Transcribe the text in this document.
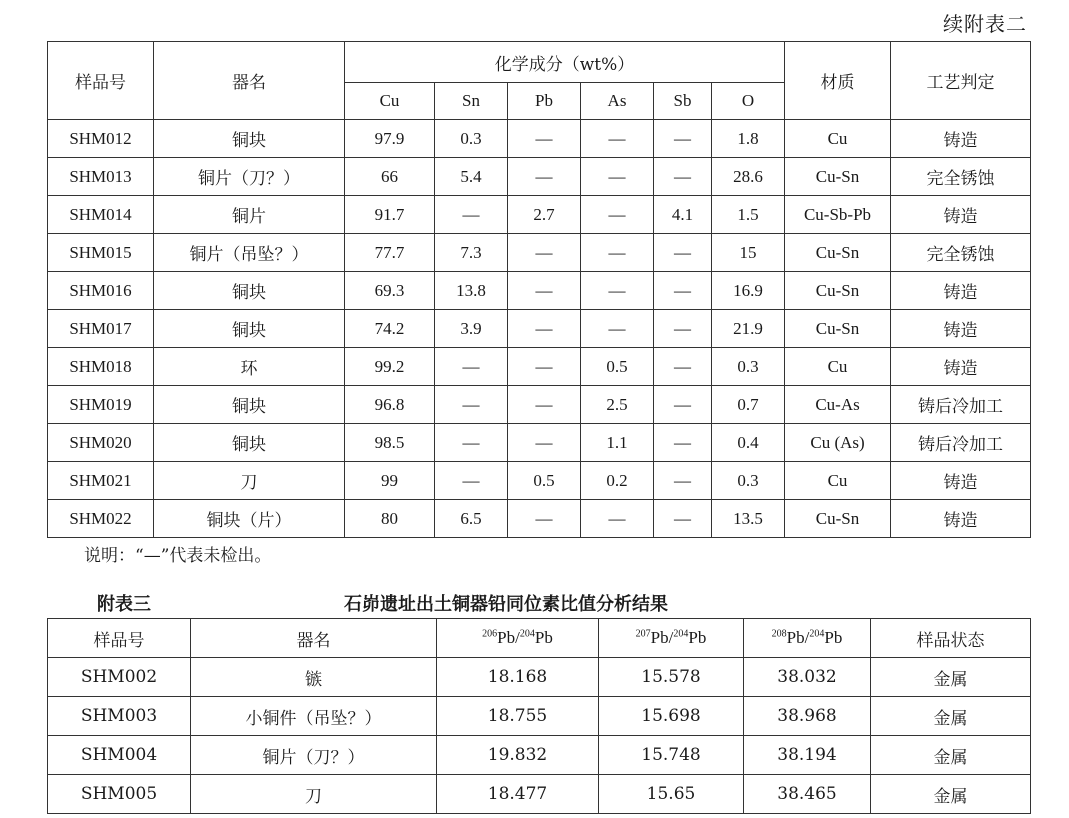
续附表二
样品号	器名	化学成分（wt%）						材质	工艺判定
		Cu	Sn	Pb	As	Sb	O		
SHM012	铜块	97.9	0.3	—	—	—	1.8	Cu	铸造
SHM013	铜片（刀？）	66	5.4	—	—	—	28.6	Cu-Sn	完全锈蚀
SHM014	铜片	91.7	—	2.7	—	4.1	1.5	Cu-Sb-Pb	铸造
SHM015	铜片（吊坠？）	77.7	7.3	—	—	—	15	Cu-Sn	完全锈蚀
SHM016	铜块	69.3	13.8	—	—	—	16.9	Cu-Sn	铸造
SHM017	铜块	74.2	3.9	—	—	—	21.9	Cu-Sn	铸造
SHM018	环	99.2	—	—	0.5	—	0.3	Cu	铸造
SHM019	铜块	96.8	—	—	2.5	—	0.7	Cu-As	铸后冷加工
SHM020	铜块	98.5	—	—	1.1	—	0.4	Cu (As)	铸后冷加工
SHM021	刀	99	—	0.5	0.2	—	0.3	Cu	铸造
SHM022	铜块（片）	80	6.5	—	—	—	13.5	Cu-Sn	铸造
说明：“—”代表未检出。
附表三	石峁遗址出土铜器铅同位素比值分析结果
样品号	器名	$^{206}$Pb/$^{204}$Pb	$^{207}$Pb/$^{204}$Pb	$^{208}$Pb/$^{204}$Pb	样品状态
SHM002	镞	18.168	15.578	38.032	金属
SHM003	小铜件（吊坠？）	18.755	15.698	38.968	金属
SHM004	铜片（刀？）	19.832	15.748	38.194	金属
SHM005	刀	18.477	15.65	38.465	金属
